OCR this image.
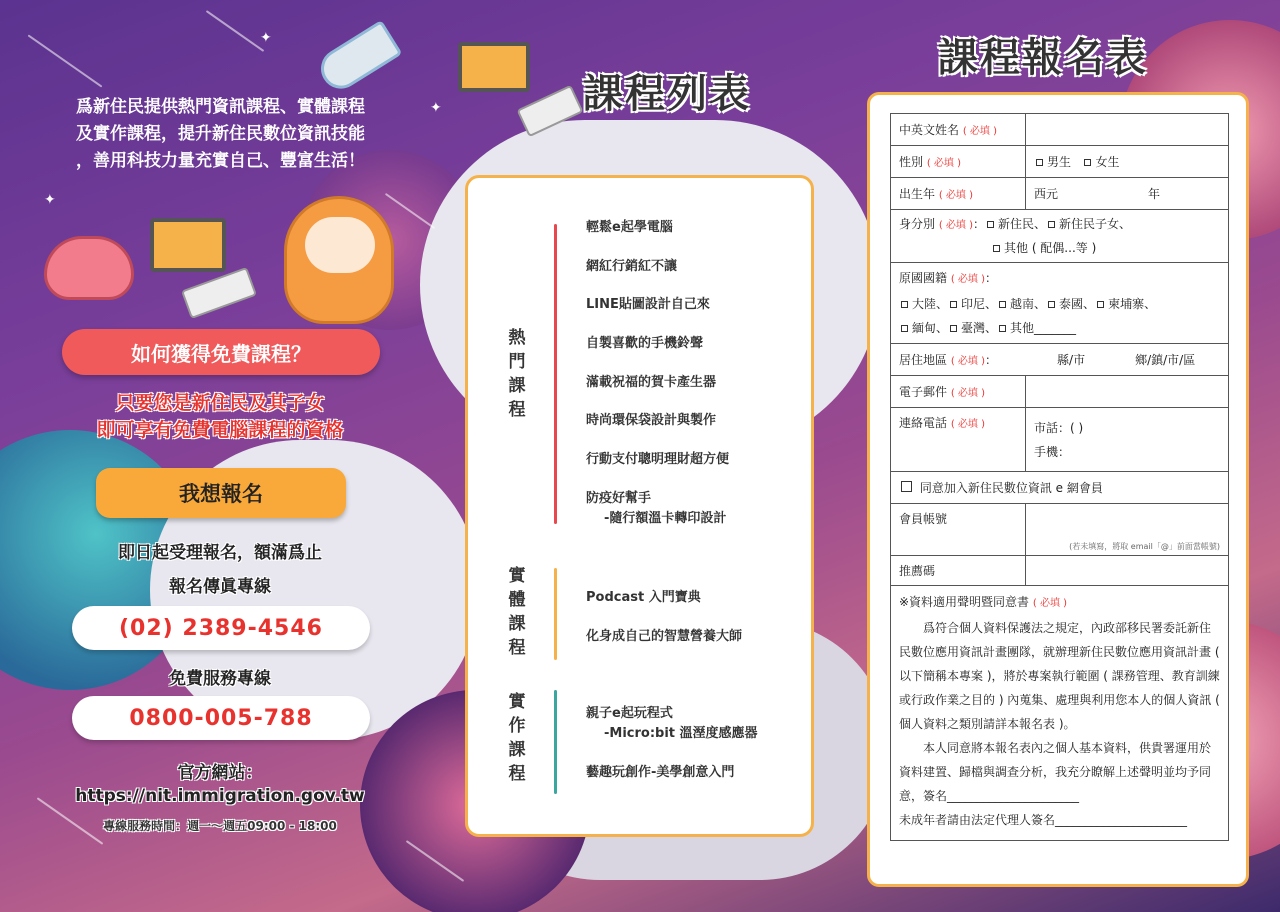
✦
✦
✦
爲新住民提供熱門資訊課程、實體課程
及實作課程，提升新住民數位資訊技能
，善用科技力量充實自己、豐富生活！
如何獲得免費課程？
只要您是新住民及其子女
即可享有免費電腦課程的資格
我想報名
即日起受理報名，額滿爲止
報名傳眞專線
(02) 2389-4546
免費服務專線
0800-005-788
官方網站：
https://nit.immigration.gov.tw
專線服務時間：週一～週五09:00 - 18:00
課程列表
熱
門
課
程
輕鬆e起學電腦
網紅行銷紅不讓
LINE貼圖設計自己來
自製喜歡的手機鈴聲
滿載祝福的賀卡產生器
時尚環保袋設計與製作
行動支付聰明理財超方便
防疫好幫手
-隨行額溫卡轉印設計
實
體
課
程
Podcast 入門寶典
化身成自己的智慧營養大師
實
作
課
程
親子e起玩程式
-Micro:bit 溫溼度感應器
藝趣玩創作-美學創意入門
課程報名表
中英文姓名 ( 必填 )	
性別 ( 必填 )	男生 女生
出生年 ( 必填 )	西元 年
身分別 ( 必填 )： 新住民、 新住民子女、
其他 ( 配偶...等 )	
原國國籍 ( 必填 )：
大陸、 印尼、 越南、 泰國、 柬埔寨、
緬甸、 臺灣、 其他_______	
居住地區 ( 必填 )： 縣/市 鄉/鎮/市/區	
電子郵件 ( 必填 )	
連絡電話 ( 必填 )	市話：( )
手機：
同意加入新住民數位資訊 e 網會員	
會員帳號	(若未填寫，將取 email「@」前面當帳號)
推薦碼	

※資料適用聲明暨同意書 ( 必填 )
爲符合個人資料保護法之規定，內政部移民署委託新住民數位應用資訊計畫團隊，就辦理新住民數位應用資訊計畫 ( 以下簡稱本專案 )，將於專案執行範圍 ( 課務管理、教育訓練或行政作業之目的 ) 內蒐集、處理與利用您本人的個人資訊 ( 個人資料之類別請詳本報名表 )。
本人同意將本報名表內之個人基本資料，供貴署運用於資料建置、歸檔與調查分析，我充分瞭解上述聲明並均予同意，簽名______________________
未成年者請由法定代理人簽名______________________	
